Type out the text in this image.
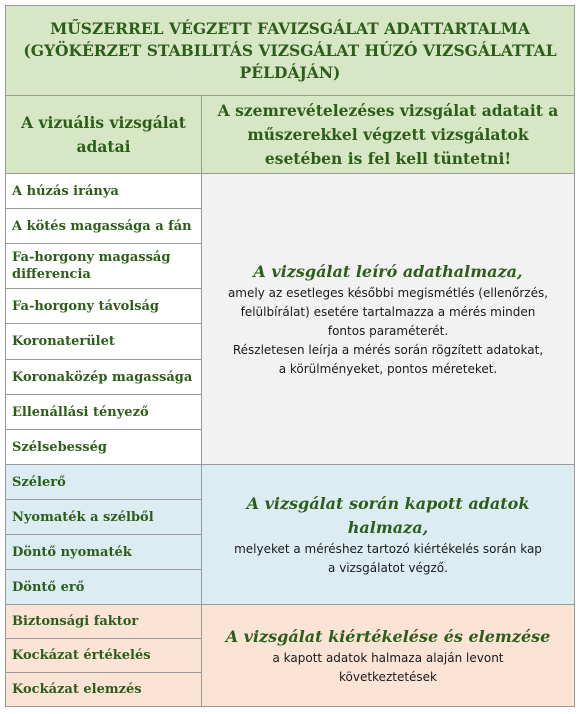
MŰSZERREL VÉGZETT FAVIZSGÁLAT ADATTARTALMA
(GYÖKÉRZET STABILITÁS VIZSGÁLAT HÚZÓ VIZSGÁLATTAL
PÉLDÁJÁN)
A vizuális vizsgálat
adatai
A szemrevételezéses vizsgálat adatait a
műszerekkel végzett vizsgálatok
esetében is fel kell tüntetni!
A húzás iránya
A kötés magassága a fán
Fa-horgony magasság differencia
Fa-horgony távolság
Koronaterület
Koronaközép magassága
Ellenállási tényező
Szélsebesség
A vizsgálat leíró adathalmaza,
amely az esetleges későbbi megismétlés (ellenőrzés,
felülbírálat) esetére tartalmazza a mérés minden
fontos paraméterét.
Részletesen leírja a mérés során rögzített adatokat,
a körülményeket, pontos méreteket.
Szélerő
Nyomaték a szélből
Döntő nyomaték
Döntő erő
A vizsgálat során kapott adatok halmaza,
melyeket a méréshez tartozó kiértékelés során kap
a vizsgálatot végző.
Biztonsági faktor
Kockázat értékelés
Kockázat elemzés
A vizsgálat kiértékelése és elemzése
a kapott adatok halmaza alaján levont
következtetések
